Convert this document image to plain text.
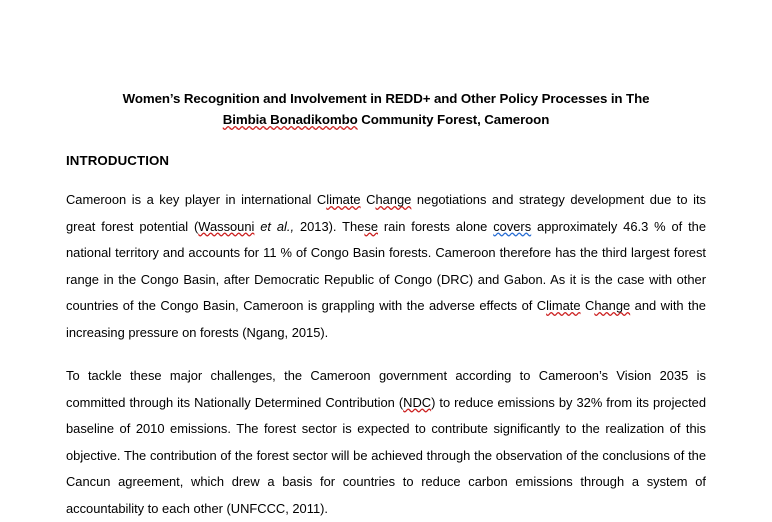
Women’s Recognition and Involvement in REDD+ and Other Policy Processes in The
Bimbia Bonadikombo Community Forest, Cameroon
INTRODUCTION

Cameroon is a key player in international Climate Change negotiations and strategy development due to its great forest potential (Wassouni et al., 2013). These rain forests alone covers approximately 46.3 % of the national territory and accounts for 11 % of Congo Basin forests. Cameroon therefore has the third largest forest range in the Congo Basin, after Democratic Republic of Congo (DRC) and Gabon. As it is the case with other countries of the Congo Basin, Cameroon is grappling with the adverse effects of Climate Change and with the increasing pressure on forests (Ngang, 2015).

To tackle these major challenges, the Cameroon government according to Cameroon’s Vision 2035 is committed through its Nationally Determined Contribution (NDC) to reduce emissions by 32% from its projected baseline of 2010 emissions. The forest sector is expected to contribute significantly to the realization of this objective. The contribution of the forest sector will be achieved through the observation of the conclusions of the Cancun agreement, which drew a basis for countries to reduce carbon emissions through a system of accountability to each other (UNFCCC, 2011).
